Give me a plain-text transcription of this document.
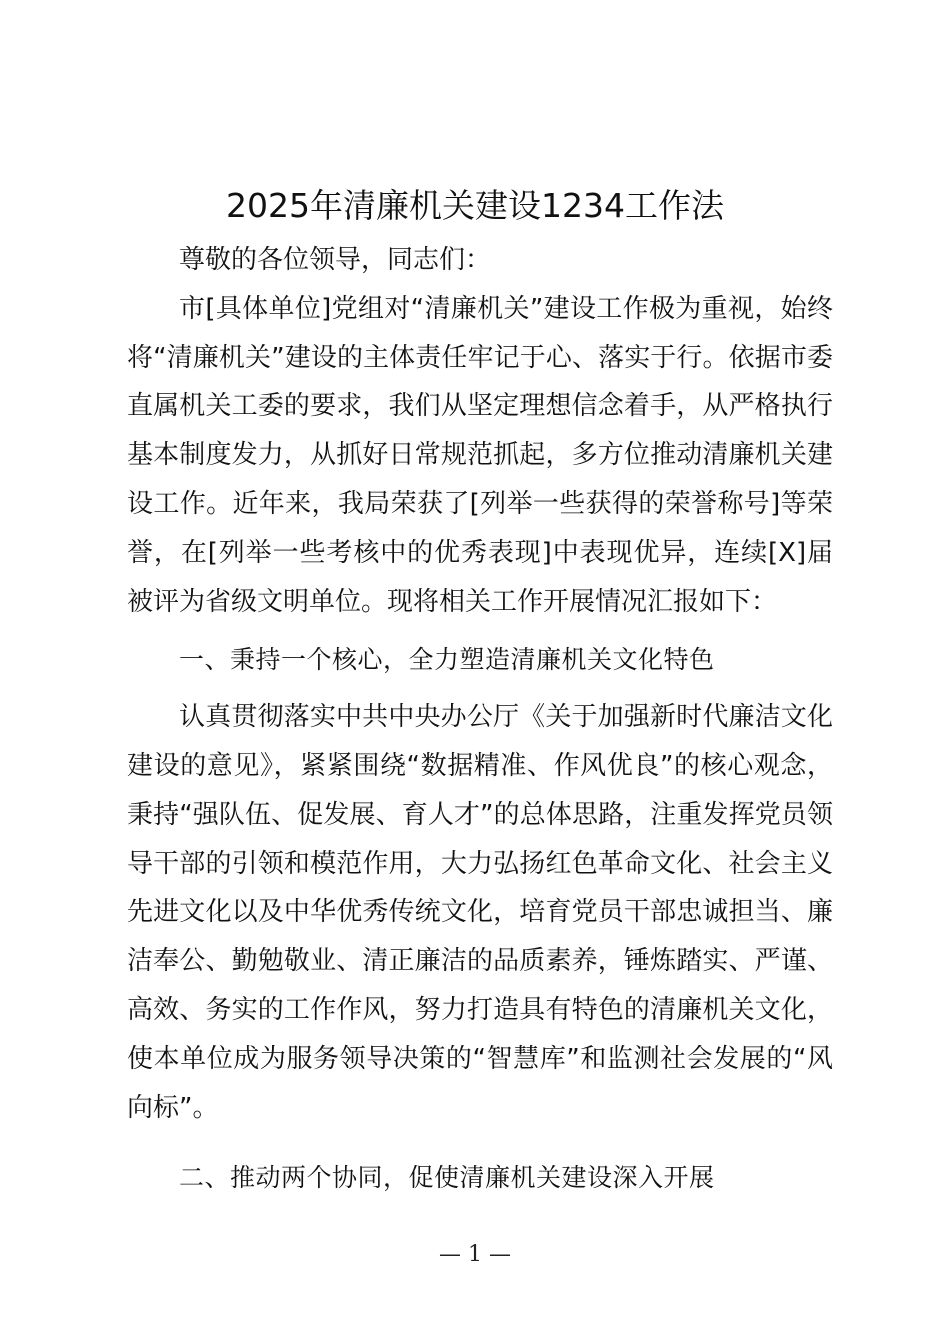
2025年清廉机关建设1234工作法

尊敬的各位领导，同志们：

市[具体单位]党组对“清廉机关”建设工作极为重视，始终将“清廉机关”建设的主体责任牢记于心、落实于行。依据市委直属机关工委的要求，我们从坚定理想信念着手，从严格执行基本制度发力，从抓好日常规范抓起，多方位推动清廉机关建设工作。近年来，我局荣获了[列举一些获得的荣誉称号]等荣誉，在[列举一些考核中的优秀表现]中表现优异，连续[X]届被评为省级文明单位。现将相关工作开展情况汇报如下：

一、秉持一个核心，全力塑造清廉机关文化特色

认真贯彻落实中共中央办公厅《关于加强新时代廉洁文化建设的意见》，紧紧围绕“数据精准、作风优良”的核心观念，秉持“强队伍、促发展、育人才”的总体思路，注重发挥党员领导干部的引领和模范作用，大力弘扬红色革命文化、社会主义先进文化以及中华优秀传统文化，培育党员干部忠诚担当、廉洁奉公、勤勉敬业、清正廉洁的品质素养，锤炼踏实、严谨、高效、务实的工作作风，努力打造具有特色的清廉机关文化，使本单位成为服务领导决策的“智慧库”和监测社会发展的“风向标”。

二、推动两个协同，促使清廉机关建设深入开展

— 1 —
